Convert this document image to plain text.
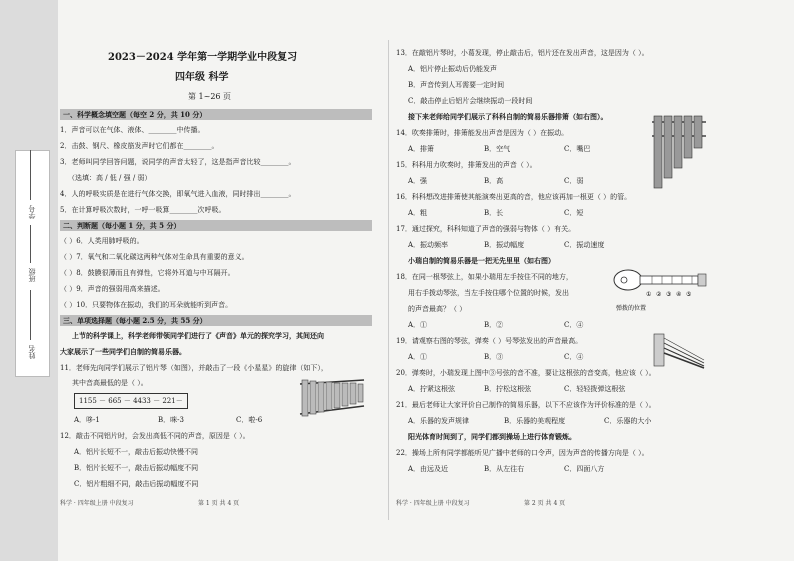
学号
班级
姓名
2023－2024 学年第一学期学业中段复习
四年级 科学
第 1~26 页
一、科学概念填空题（每空 2 分，共 10 分）
1．声音可以在气体、液体、________中传播。
2．击鼓、钢尺、橡皮筋发声时它们都在________。
3．老师叫同学回答问题，说同学的声音太轻了，这是指声音比较________。
（选填：高 / 低 / 强 / 弱）
4．人的呼吸实质是在进行气体交换，即氧气进入血液，同时排出________。
5．在计算呼吸次数时，一呼一吸算________次呼吸。
二、判断题（每小题 1 分，共 5 分）
（ ）6．人类用肺呼吸的。
（ ）7．氧气和二氧化碳这两种气体对生命具有重要的意义。
（ ）8．鼓膜很薄而且有弹性，它将外耳道与中耳隔开。
（ ）9．声音的强弱用高来描述。
（ ）10．只要物体在振动，我们的耳朵就能听到声音。
三、单项选择题（每小题 2.5 分，共 55 分）
上节的科学课上，科学老师带领同学们进行了《声音》单元的探究学习，其间还向
大家展示了一些同学们自制的简易乐器。
11．老师先向同学们展示了铝片琴（如图），并敲击了一段《小星星》的旋律（如下），
其中音高最低的是（ ）。
1155 － 665 － 4433 － 221－
A．哆-1	B．咪-3	C．啦-6
12．敲击不同铝片时，会发出高低不同的声音，原因是（ ）。
A．铝片长短不一，敲击后振动快慢不同
B．铝片长短不一，敲击后振动幅度不同
C．铝片粗细不同，敲击后振动幅度不同
科学 · 四年级上册 中段复习	第 1 页 共 4 页
13．在敲铝片琴时，小葛发现，停止敲击后，铝片还在发出声音，这是因为（ ）。
A．铝片停止振动后仍能发声
B．声音传到人耳需要一定时间
C．敲击停止后铝片会继续振动一段时间
接下来老师给同学们展示了科科自制的简易乐器排箫（如右图）。
14．吹奏排箫时，排箫能发出声音是因为（ ）在振动。
A．排箫	B．空气	C．嘴巴
15．科科用力吹奏时，排箫发出的声音（ ）。
A．强	B．高	C．弱
16．科科想改进排箫使其能演奏出更高的音，他应该再加一根更（ ）的管。
A．粗	B．长	C．短
17．通过探究，科科知道了声音的强弱与物体（ ）有关。
A．振动频率	B．振动幅度	C．振动速度
小瑞自制的简易乐器是一把无先里里（如右图）
18．在同一根琴弦上，如果小瑞用左手按住不同的地方，
用右手拨动琴弦，当左手按住哪个位置的时候，发出
的声音最高？（ ）
A．①	B．②	C．④
19．请观察右图的琴弦，弹奏（ ）号琴弦发出的声音最高。
A．①	B．③	C．④
20．弹奏时，小瑞发现上图中③号弦的音不准，要让这根弦的音变高，他应该（ ）。
A．拧紧这根弦	B．拧松这根弦	C．轻轻拨弹这根弦
21．最后老师让大家评价自己制作的简易乐器，以下不应该作为评价标准的是（ ）。
A．乐器的发声规律	B．乐器的美观程度	C．乐器的大小
阳光体育时间到了，同学们都到操场上进行体育锻炼。
22．操场上所有同学都能听见广播中老师的口令声，因为声音的传播方向是（ ）。
A．由远及近	B．从左往右	C．四面八方
科学 · 四年级上册 中段复习	第 2 页 共 4 页
① ② ③ ④ ⑤
弹拨的位置
